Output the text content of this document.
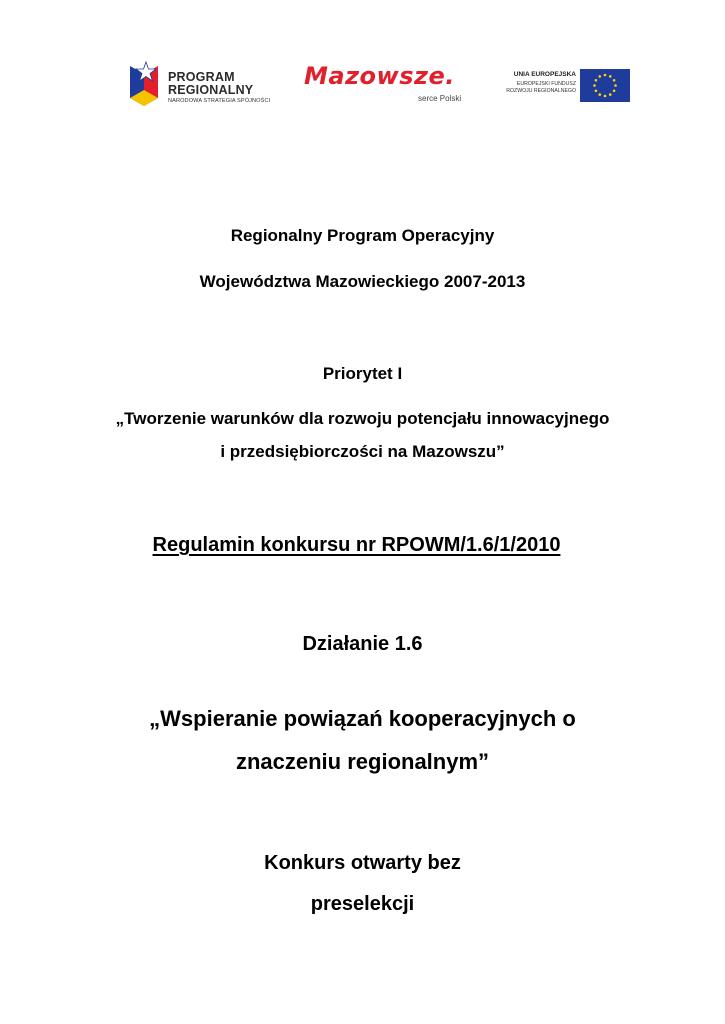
PROGRAM
REGIONALNY
NARODOWA STRATEGIA SPÓJNOŚCI
Mazowsze.
serce Polski
UNIA EUROPEJSKA
EUROPEJSKI FUNDUSZ
ROZWOJU REGIONALNEGO
Regionalny Program Operacyjny
Województwa Mazowieckiego 2007-2013
Priorytet I
„Tworzenie warunków dla rozwoju potencjału innowacyjnego
i przedsiębiorczości na Mazowszu”
Regulamin konkursu nr RPOWM/1.6/1/2010
Działanie 1.6
„Wspieranie powiązań kooperacyjnych o
znaczeniu regionalnym”
Konkurs otwarty bez
preselekcji
